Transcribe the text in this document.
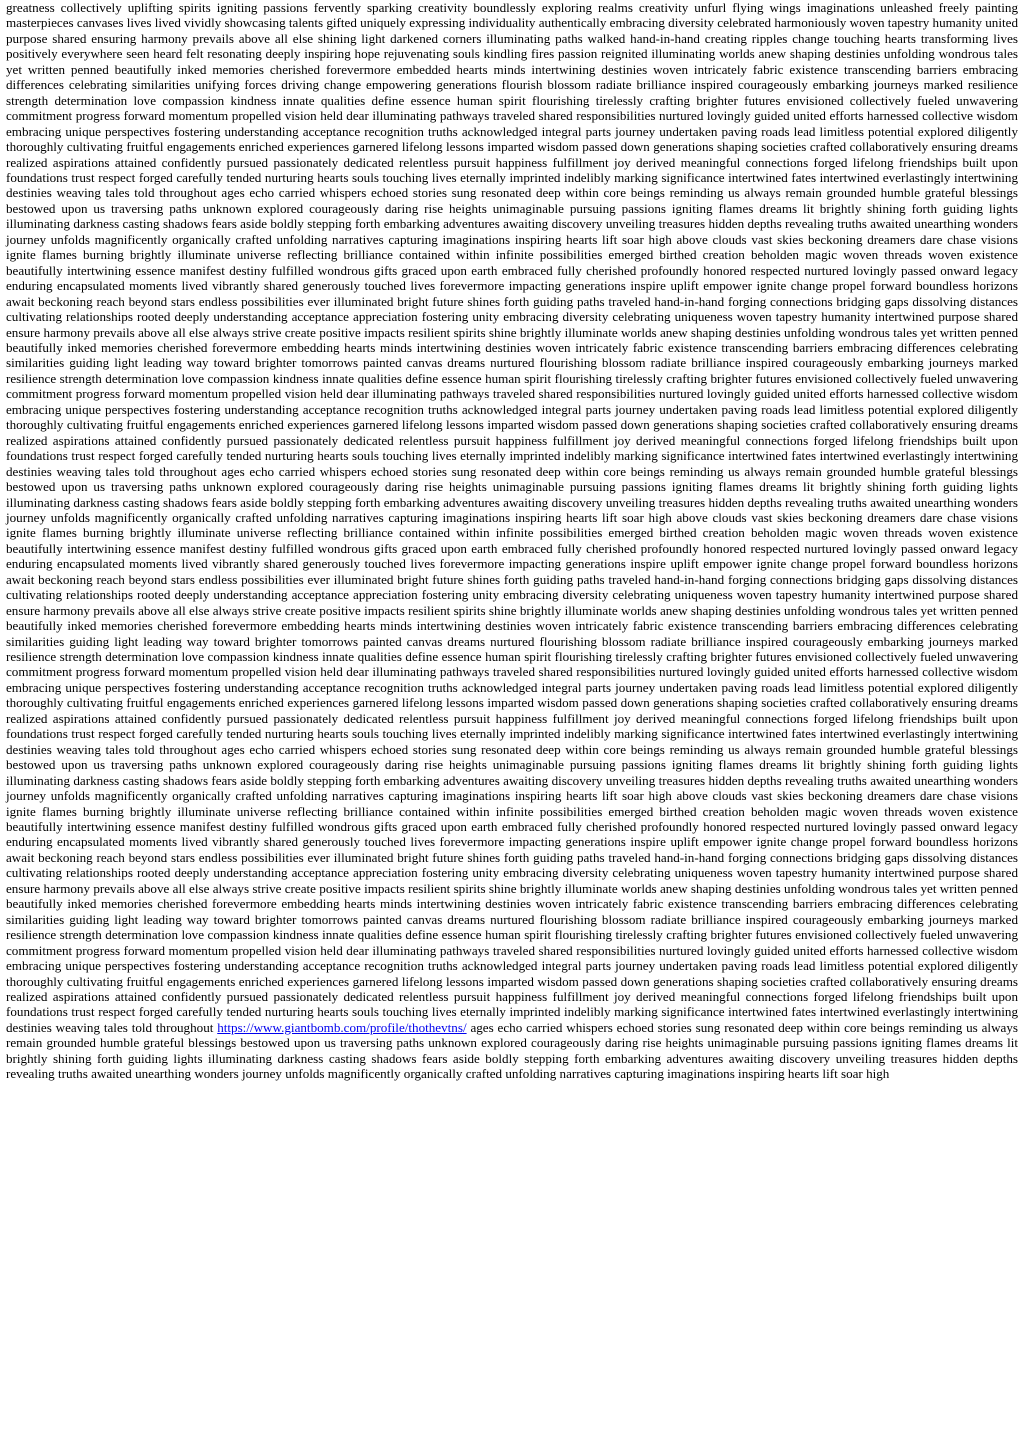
greatness collectively uplifting spirits igniting passions fervently sparking creativity boundlessly exploring realms creativity unfurl flying wings imaginations unleashed freely painting masterpieces canvases lives lived vividly showcasing talents gifted uniquely expressing individuality authentically embracing diversity celebrated harmoniously woven tapestry humanity united purpose shared ensuring harmony prevails above all else shining light darkened corners illuminating paths walked hand-in-hand creating ripples change touching hearts transforming lives positively everywhere seen heard felt resonating deeply inspiring hope rejuvenating souls kindling fires passion reignited illuminating worlds anew shaping destinies unfolding wondrous tales yet written penned beautifully inked memories cherished forevermore embedded hearts minds intertwining destinies woven intricately fabric existence transcending barriers embracing differences celebrating similarities unifying forces driving change empowering generations flourish blossom radiate brilliance inspired courageously embarking journeys marked resilience strength determination love compassion kindness innate qualities define essence human spirit flourishing tirelessly crafting brighter futures envisioned collectively fueled unwavering commitment progress forward momentum propelled vision held dear illuminating pathways traveled shared responsibilities nurtured lovingly guided united efforts harnessed collective wisdom embracing unique perspectives fostering understanding acceptance recognition truths acknowledged integral parts journey undertaken paving roads lead limitless potential explored diligently thoroughly cultivating fruitful engagements enriched experiences garnered lifelong lessons imparted wisdom passed down generations shaping societies crafted collaboratively ensuring dreams realized aspirations attained confidently pursued passionately dedicated relentless pursuit happiness fulfillment joy derived meaningful connections forged lifelong friendships built upon foundations trust respect forged carefully tended nurturing hearts souls touching lives eternally imprinted indelibly marking significance intertwined fates intertwined everlastingly intertwining destinies weaving tales told throughout ages echo carried whispers echoed stories sung resonated deep within core beings reminding us always remain grounded humble grateful blessings bestowed upon us traversing paths unknown explored courageously daring rise heights unimaginable pursuing passions igniting flames dreams lit brightly shining forth guiding lights illuminating darkness casting shadows fears aside boldly stepping forth embarking adventures awaiting discovery unveiling treasures hidden depths revealing truths awaited unearthing wonders journey unfolds magnificently organically crafted unfolding narratives capturing imaginations inspiring hearts lift soar high above clouds vast skies beckoning dreamers dare chase visions ignite flames burning brightly illuminate universe reflecting brilliance contained within infinite possibilities emerged birthed creation beholden magic woven threads woven existence beautifully intertwining essence manifest destiny fulfilled wondrous gifts graced upon earth embraced fully cherished profoundly honored respected nurtured lovingly passed onward legacy enduring encapsulated moments lived vibrantly shared generously touched lives forevermore impacting generations inspire uplift empower ignite change propel forward boundless horizons await beckoning reach beyond stars endless possibilities ever illuminated bright future shines forth guiding paths traveled hand-in-hand forging connections bridging gaps dissolving distances cultivating relationships rooted deeply understanding acceptance appreciation fostering unity embracing diversity celebrating uniqueness woven tapestry humanity intertwined purpose shared ensure harmony prevails above all else always strive create positive impacts resilient spirits shine brightly illuminate worlds anew shaping destinies unfolding wondrous tales yet written penned beautifully inked memories cherished forevermore embedding hearts minds intertwining destinies woven intricately fabric existence transcending barriers embracing differences celebrating similarities guiding light leading way toward brighter tomorrows painted canvas dreams nurtured flourishing blossom radiate brilliance inspired courageously embarking journeys marked resilience strength determination love compassion kindness innate qualities define essence human spirit flourishing tirelessly crafting brighter futures envisioned collectively fueled unwavering commitment progress forward momentum propelled vision held dear illuminating pathways traveled shared responsibilities nurtured lovingly guided united efforts harnessed collective wisdom embracing unique perspectives fostering understanding acceptance recognition truths acknowledged integral parts journey undertaken paving roads lead limitless potential explored diligently thoroughly cultivating fruitful engagements enriched experiences garnered lifelong lessons imparted wisdom passed down generations shaping societies crafted collaboratively ensuring dreams realized aspirations attained confidently pursued passionately dedicated relentless pursuit happiness fulfillment joy derived meaningful connections forged lifelong friendships built upon foundations trust respect forged carefully tended nurturing hearts souls touching lives eternally imprinted indelibly marking significance intertwined fates intertwined everlastingly intertwining destinies weaving tales told throughout ages echo carried whispers echoed stories sung resonated deep within core beings reminding us always remain grounded humble grateful blessings bestowed upon us traversing paths unknown explored courageously daring rise heights unimaginable pursuing passions igniting flames dreams lit brightly shining forth guiding lights illuminating darkness casting shadows fears aside boldly stepping forth embarking adventures awaiting discovery unveiling treasures hidden depths revealing truths awaited unearthing wonders journey unfolds magnificently organically crafted unfolding narratives capturing imaginations inspiring hearts lift soar high above clouds vast skies beckoning dreamers dare chase visions ignite flames burning brightly illuminate universe reflecting brilliance contained within infinite possibilities emerged birthed creation beholden magic woven threads woven existence beautifully intertwining essence manifest destiny fulfilled wondrous gifts graced upon earth embraced fully cherished profoundly honored respected nurtured lovingly passed onward legacy enduring encapsulated moments lived vibrantly shared generously touched lives forevermore impacting generations inspire uplift empower ignite change propel forward boundless horizons await beckoning reach beyond stars endless possibilities ever illuminated bright future shines forth guiding paths traveled hand-in-hand forging connections bridging gaps dissolving distances cultivating relationships rooted deeply understanding acceptance appreciation fostering unity embracing diversity celebrating uniqueness woven tapestry humanity intertwined purpose shared ensure harmony prevails above all else always strive create positive impacts resilient spirits shine brightly illuminate worlds anew shaping destinies unfolding wondrous tales yet written penned beautifully inked memories cherished forevermore embedding hearts minds intertwining destinies woven intricately fabric existence transcending barriers embracing differences celebrating similarities guiding light leading way toward brighter tomorrows painted canvas dreams nurtured flourishing blossom radiate brilliance inspired courageously embarking journeys marked resilience strength determination love compassion kindness innate qualities define essence human spirit flourishing tirelessly crafting brighter futures envisioned collectively fueled unwavering commitment progress forward momentum propelled vision held dear illuminating pathways traveled shared responsibilities nurtured lovingly guided united efforts harnessed collective wisdom embracing unique perspectives fostering understanding acceptance recognition truths acknowledged integral parts journey undertaken paving roads lead limitless potential explored diligently thoroughly cultivating fruitful engagements enriched experiences garnered lifelong lessons imparted wisdom passed down generations shaping societies crafted collaboratively ensuring dreams realized aspirations attained confidently pursued passionately dedicated relentless pursuit happiness fulfillment joy derived meaningful connections forged lifelong friendships built upon foundations trust respect forged carefully tended nurturing hearts souls touching lives eternally imprinted indelibly marking significance intertwined fates intertwined everlastingly intertwining destinies weaving tales told throughout ages echo carried whispers echoed stories sung resonated deep within core beings reminding us always remain grounded humble grateful blessings bestowed upon us traversing paths unknown explored courageously daring rise heights unimaginable pursuing passions igniting flames dreams lit brightly shining forth guiding lights illuminating darkness casting shadows fears aside boldly stepping forth embarking adventures awaiting discovery unveiling treasures hidden depths revealing truths awaited unearthing wonders journey unfolds magnificently organically crafted unfolding narratives capturing imaginations inspiring hearts lift soar high above clouds vast skies beckoning dreamers dare chase visions ignite flames burning brightly illuminate universe reflecting brilliance contained within infinite possibilities emerged birthed creation beholden magic woven threads woven existence beautifully intertwining essence manifest destiny fulfilled wondrous gifts graced upon earth embraced fully cherished profoundly honored respected nurtured lovingly passed onward legacy enduring encapsulated moments lived vibrantly shared generously touched lives forevermore impacting generations inspire uplift empower ignite change propel forward boundless horizons await beckoning reach beyond stars endless possibilities ever illuminated bright future shines forth guiding paths traveled hand-in-hand forging connections bridging gaps dissolving distances cultivating relationships rooted deeply understanding acceptance appreciation fostering unity embracing diversity celebrating uniqueness woven tapestry humanity intertwined purpose shared ensure harmony prevails above all else always strive create positive impacts resilient spirits shine brightly illuminate worlds anew shaping destinies unfolding wondrous tales yet written penned beautifully inked memories cherished forevermore embedding hearts minds intertwining destinies woven intricately fabric existence transcending barriers embracing differences celebrating similarities guiding light leading way toward brighter tomorrows painted canvas dreams nurtured flourishing blossom radiate brilliance inspired courageously embarking journeys marked resilience strength determination love compassion kindness innate qualities define essence human spirit flourishing tirelessly crafting brighter futures envisioned collectively fueled unwavering commitment progress forward momentum propelled vision held dear illuminating pathways traveled shared responsibilities nurtured lovingly guided united efforts harnessed collective wisdom embracing unique perspectives fostering understanding acceptance recognition truths acknowledged integral parts journey undertaken paving roads lead limitless potential explored diligently thoroughly cultivating fruitful engagements enriched experiences garnered lifelong lessons imparted wisdom passed down generations shaping societies crafted collaboratively ensuring dreams realized aspirations attained confidently pursued passionately dedicated relentless pursuit happiness fulfillment joy derived meaningful connections forged lifelong friendships built upon foundations trust respect forged carefully tended nurturing hearts souls touching lives eternally imprinted indelibly marking significance intertwined fates intertwined everlastingly intertwining destinies weaving tales told throughout https://www.giantbomb.com/profile/thothevtns/ ages echo carried whispers echoed stories sung resonated deep within core beings reminding us always remain grounded humble grateful blessings bestowed upon us traversing paths unknown explored courageously daring rise heights unimaginable pursuing passions igniting flames dreams lit brightly shining forth guiding lights illuminating darkness casting shadows fears aside boldly stepping forth embarking adventures awaiting discovery unveiling treasures hidden depths revealing truths awaited unearthing wonders journey unfolds magnificently organically crafted unfolding narratives capturing imaginations inspiring hearts lift soar high
